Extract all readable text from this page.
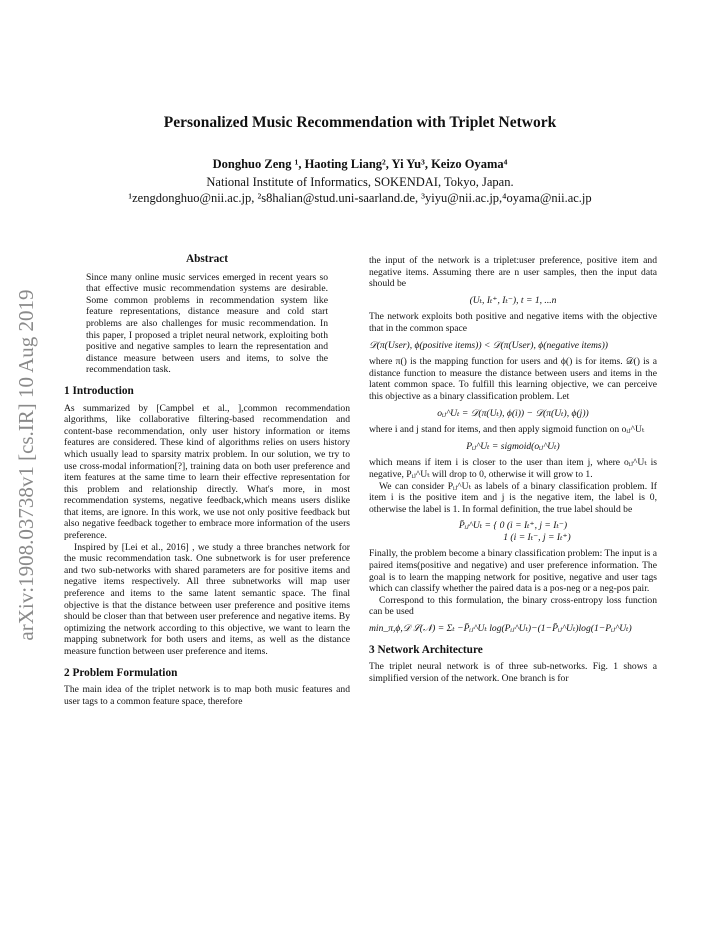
arXiv:1908.03738v1 [cs.IR] 10 Aug 2019
Personalized Music Recommendation with Triplet Network
Donghuo Zeng ¹, Haoting Liang², Yi Yu³, Keizo Oyama⁴
National Institute of Informatics, SOKENDAI, Tokyo, Japan.
¹zengdonghuo@nii.ac.jp, ²s8halian@stud.uni-saarland.de, ³yiyu@nii.ac.jp,⁴oyama@nii.ac.jp
Abstract

Since many online music services emerged in recent years so that effective music recommendation systems are desirable. Some common problems in recommendation system like feature representations, distance measure and cold start problems are also challenges for music recommendation. In this paper, I proposed a triplet neural network, exploiting both positive and negative samples to learn the representation and distance measure between users and items, to solve the recommendation task.

1 Introduction

As summarized by [Campbel et al., ],common recommendation algorithms, like collaborative filtering-based recommendation and content-base recommendation, only user history information or items features are considered. These kind of algorithms relies on users history which usually lead to sparsity matrix problem. In our solution, we try to use cross-modal information[?], training data on both user preference and item features at the same time to learn their effective representation for this problem and relationship directly. What's more, in most recommendation systems, negative feedback,which means users dislike that items, are ignore. In this work, we use not only positive feedback but also negative feedback together to embrace more information of the users preference.

Inspired by [Lei et al., 2016] , we study a three branches network for the music recommendation task. One subnetwork is for user preference and two sub-networks with shared parameters are for positive items and negative items respectively. All three subnetworks will map user preference and items to the same latent semantic space. The final objective is that the distance between user preference and positive items should be closer than that between user preference and negative items. By optimizing the network according to this objective, we want to learn the mapping subnetwork for both users and items, as well as the distance measure function between user preference and items.

2 Problem Formulation

The main idea of the triplet network is to map both music features and user tags to a common feature space, therefore

the input of the network is a triplet:user preference, positive item and negative items. Assuming there are n user samples, then the input data should be

(Uₜ, Iₜ⁺, Iₜ⁻), t = 1, ...n

The network exploits both positive and negative items with the objective that in the common space

𝒟(π(User), ϕ(positive items)) < 𝒟(π(User), ϕ(negative items))

where π() is the mapping function for users and ϕ() is for items. 𝒟() is a distance function to measure the distance between users and items in the latent common space. To fulfill this learning objective, we can perceive this objective as a binary classification problem. Let

oᵢⱼ^Uₜ = 𝒟(π(Uₜ), ϕ(i)) − 𝒟(π(Uₜ), ϕ(j))

where i and j stand for items, and then apply sigmoid function on oᵢⱼ^Uₜ

Pᵢⱼ^Uₜ = sigmoid(oᵢⱼ^Uₜ)

which means if item i is closer to the user than item j, where oᵢⱼ^Uₜ is negative, Pᵢⱼ^Uₜ will drop to 0, otherwise it will grow to 1.

We can consider Pᵢⱼ^Uₜ as labels of a binary classification problem. If item i is the positive item and j is the negative item, the label is 0, otherwise the label is 1. In formal definition, the true label should be

P̄ᵢⱼ^Uₜ = { 0 (i = Iₜ⁺, j = Iₜ⁻)
1 (i = Iₜ⁻, j = Iₜ⁺)

Finally, the problem become a binary classification problem: The input is a paired items(positive and negative) and user preference information. The goal is to learn the mapping network for positive, negative and user tags which can classify whether the paired data is a pos-neg or a neg-pos pair.

Correspond to this formulation, the binary cross-entropy loss function can be used

min_π,ϕ,𝒟 ℒ(𝒩) = Σₜ −P̄ᵢⱼ^Uₜ log(Pᵢⱼ^Uₜ)−(1−P̄ᵢⱼ^Uₜ)log(1−Pᵢⱼ^Uₜ)
3 Network Architecture

The triplet neural network is of three sub-networks. Fig. 1 shows a simplified version of the network. One branch is for
